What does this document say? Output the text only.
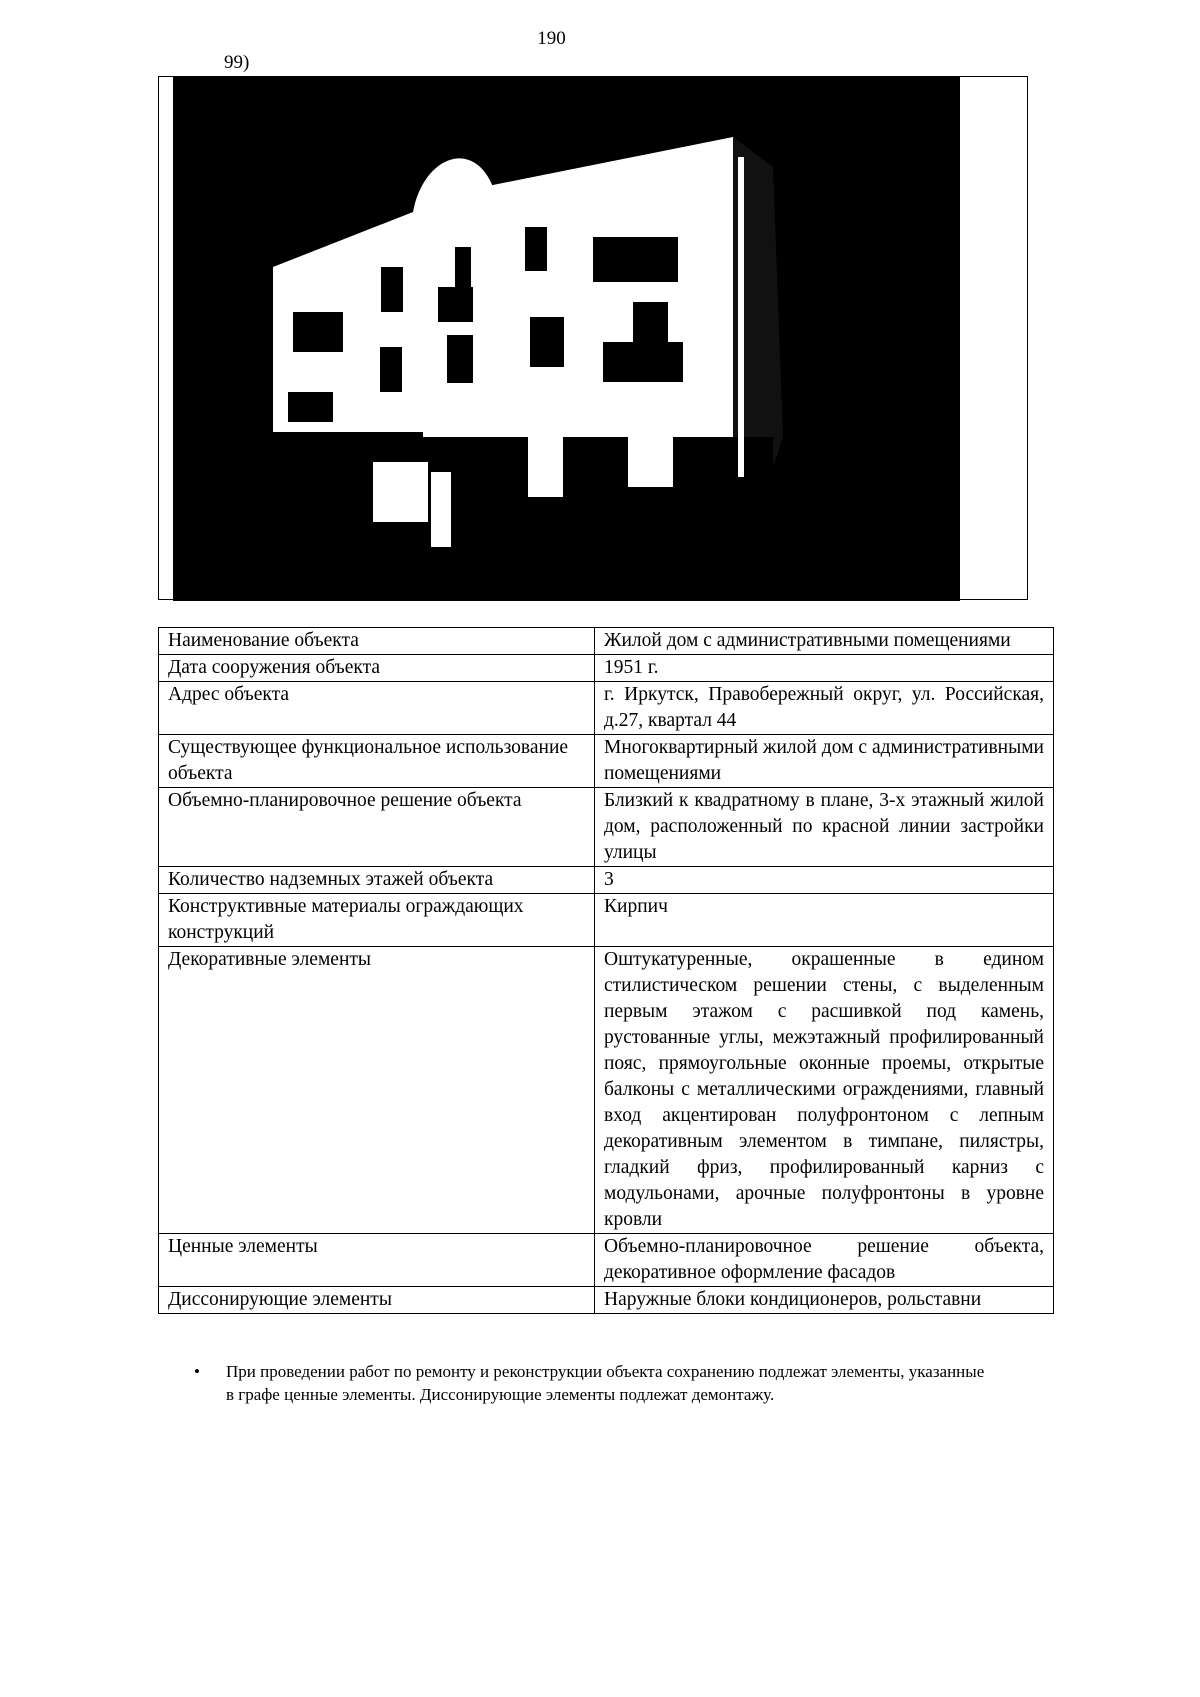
190
99)
Наименование объекта	Жилой дом с административными помещениями
Дата сооружения объекта	1951 г.
Адрес объекта	г. Иркутск, Правобережный округ, ул. Российская, д.27, квартал 44
Существующее функциональное использование объекта	Многоквартирный жилой дом с административными помещениями
Объемно-планировочное решение объекта	Близкий к квадратному в плане, 3-х этажный жилой дом, расположенный по красной линии застройки улицы
Количество надземных этажей объекта	3
Конструктивные материалы ограждающих конструкций	Кирпич
Декоративные элементы	Оштукатуренные, окрашенные в едином стилистическом решении стены, с выделенным первым этажом с расшивкой под камень, рустованные углы, межэтажный профилированный пояс, прямоугольные оконные проемы, открытые балконы с металлическими ограждениями, главный вход акцентирован полуфронтоном с лепным декоративным элементом в тимпане, пилястры, гладкий фриз, профилированный карниз с модульонами, арочные полуфронтоны в уровне кровли
Ценные элементы	Объемно-планировочное решение объекта, декоративное оформление фасадов
Диссонирующие элементы	Наружные блоки кондиционеров, рольставни
•	При проведении работ по ремонту и реконструкции объекта сохранению подлежат элементы, указанные в графе ценные элементы. Диссонирующие элементы подлежат демонтажу.
